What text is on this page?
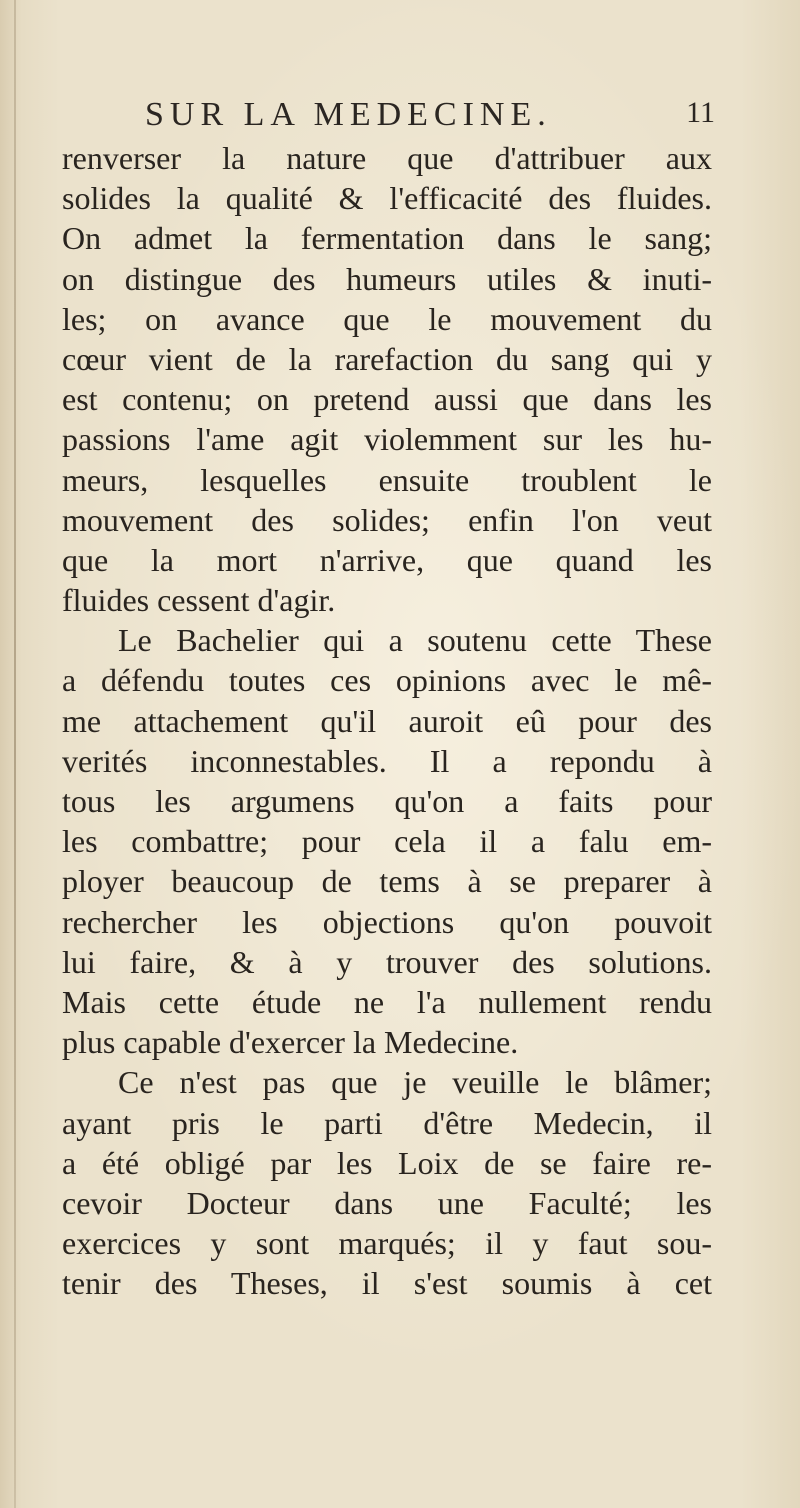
SUR LA MEDECINE.	11
renverser la nature que d'attribuer aux
solides la qualité & l'efficacité des fluides.
On admet la fermentation dans le sang;
on distingue des humeurs utiles & inuti-
les; on avance que le mouvement du
cœur vient de la rarefaction du sang qui y
est contenu; on pretend aussi que dans les
passions l'ame agit violemment sur les hu-
meurs, lesquelles ensuite troublent le
mouvement des solides; enfin l'on veut
que la mort n'arrive, que quand les
fluides cessent d'agir.
Le Bachelier qui a soutenu cette These
a défendu toutes ces opinions avec le mê-
me attachement qu'il auroit eû pour des
verités inconnestables. Il a repondu à
tous les argumens qu'on a faits pour
les combattre; pour cela il a falu em-
ployer beaucoup de tems à se preparer à
rechercher les objections qu'on pouvoit
lui faire, & à y trouver des solutions.
Mais cette étude ne l'a nullement rendu
plus capable d'exercer la Medecine.
Ce n'est pas que je veuille le blâmer;
ayant pris le parti d'être Medecin, il
a été obligé par les Loix de se faire re-
cevoir Docteur dans une Faculté; les
exercices y sont marqués; il y faut sou-
tenir des Theses, il s'est soumis à cet
